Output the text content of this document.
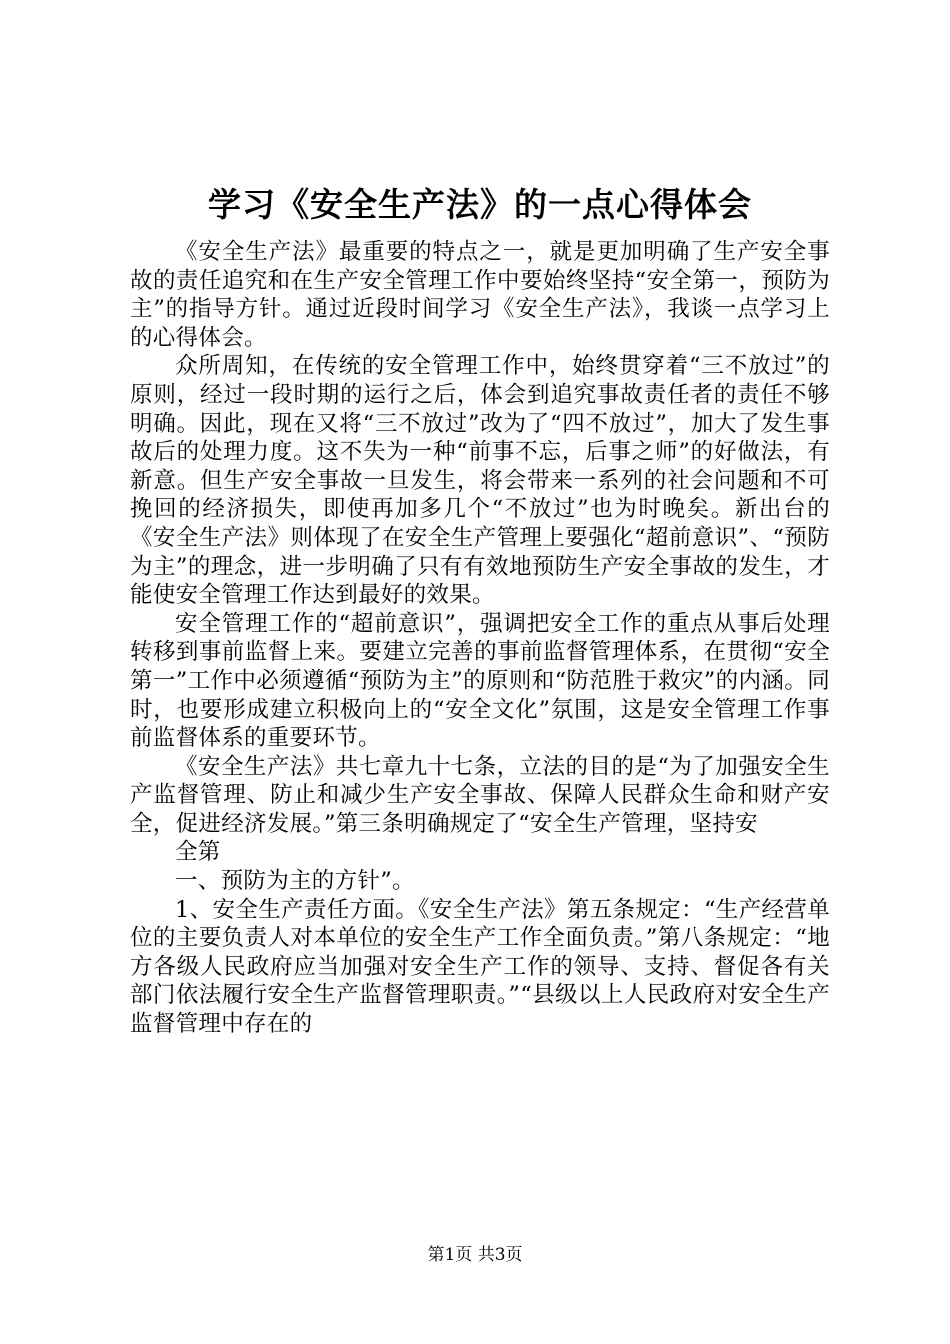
学习《安全生产法》的一点心得体会

《安全生产法》最重要的特点之一，就是更加明确了生产安全事故的责任追究和在生产安全管理工作中要始终坚持“安全第一，预防为主”的指导方针。通过近段时间学习《安全生产法》，我谈一点学习上的心得体会。

众所周知，在传统的安全管理工作中，始终贯穿着“三不放过”的原则，经过一段时期的运行之后，体会到追究事故责任者的责任不够明确。因此，现在又将“三不放过”改为了“四不放过”，加大了发生事故后的处理力度。这不失为一种“前事不忘，后事之师”的好做法，有新意。但生产安全事故一旦发生，将会带来一系列的社会问题和不可挽回的经济损失，即使再加多几个“不放过”也为时晚矣。新出台的《安全生产法》则体现了在安全生产管理上要强化“超前意识”、“预防为主”的理念，进一步明确了只有有效地预防生产安全事故的发生，才能使安全管理工作达到最好的效果。

安全管理工作的“超前意识”，强调把安全工作的重点从事后处理转移到事前监督上来。要建立完善的事前监督管理体系，在贯彻“安全第一”工作中必须遵循“预防为主”的原则和“防范胜于救灾”的内涵。同时，也要形成建立积极向上的“安全文化”氛围，这是安全管理工作事前监督体系的重要环节。

《安全生产法》共七章九十七条，立法的目的是“为了加强安全生产监督管理、防止和减少生产安全事故、保障人民群众生命和财产安全，促进经济发展。”第三条明确规定了“安全生产管理，坚持安

全第

一、预防为主的方针”。

1、安全生产责任方面。《安全生产法》第五条规定：“生产经营单位的主要负责人对本单位的安全生产工作全面负责。”第八条规定：“地方各级人民政府应当加强对安全生产工作的领导、支持、督促各有关部门依法履行安全生产监督管理职责。”“县级以上人民政府对安全生产监督管理中存在的

第1页 共3页
